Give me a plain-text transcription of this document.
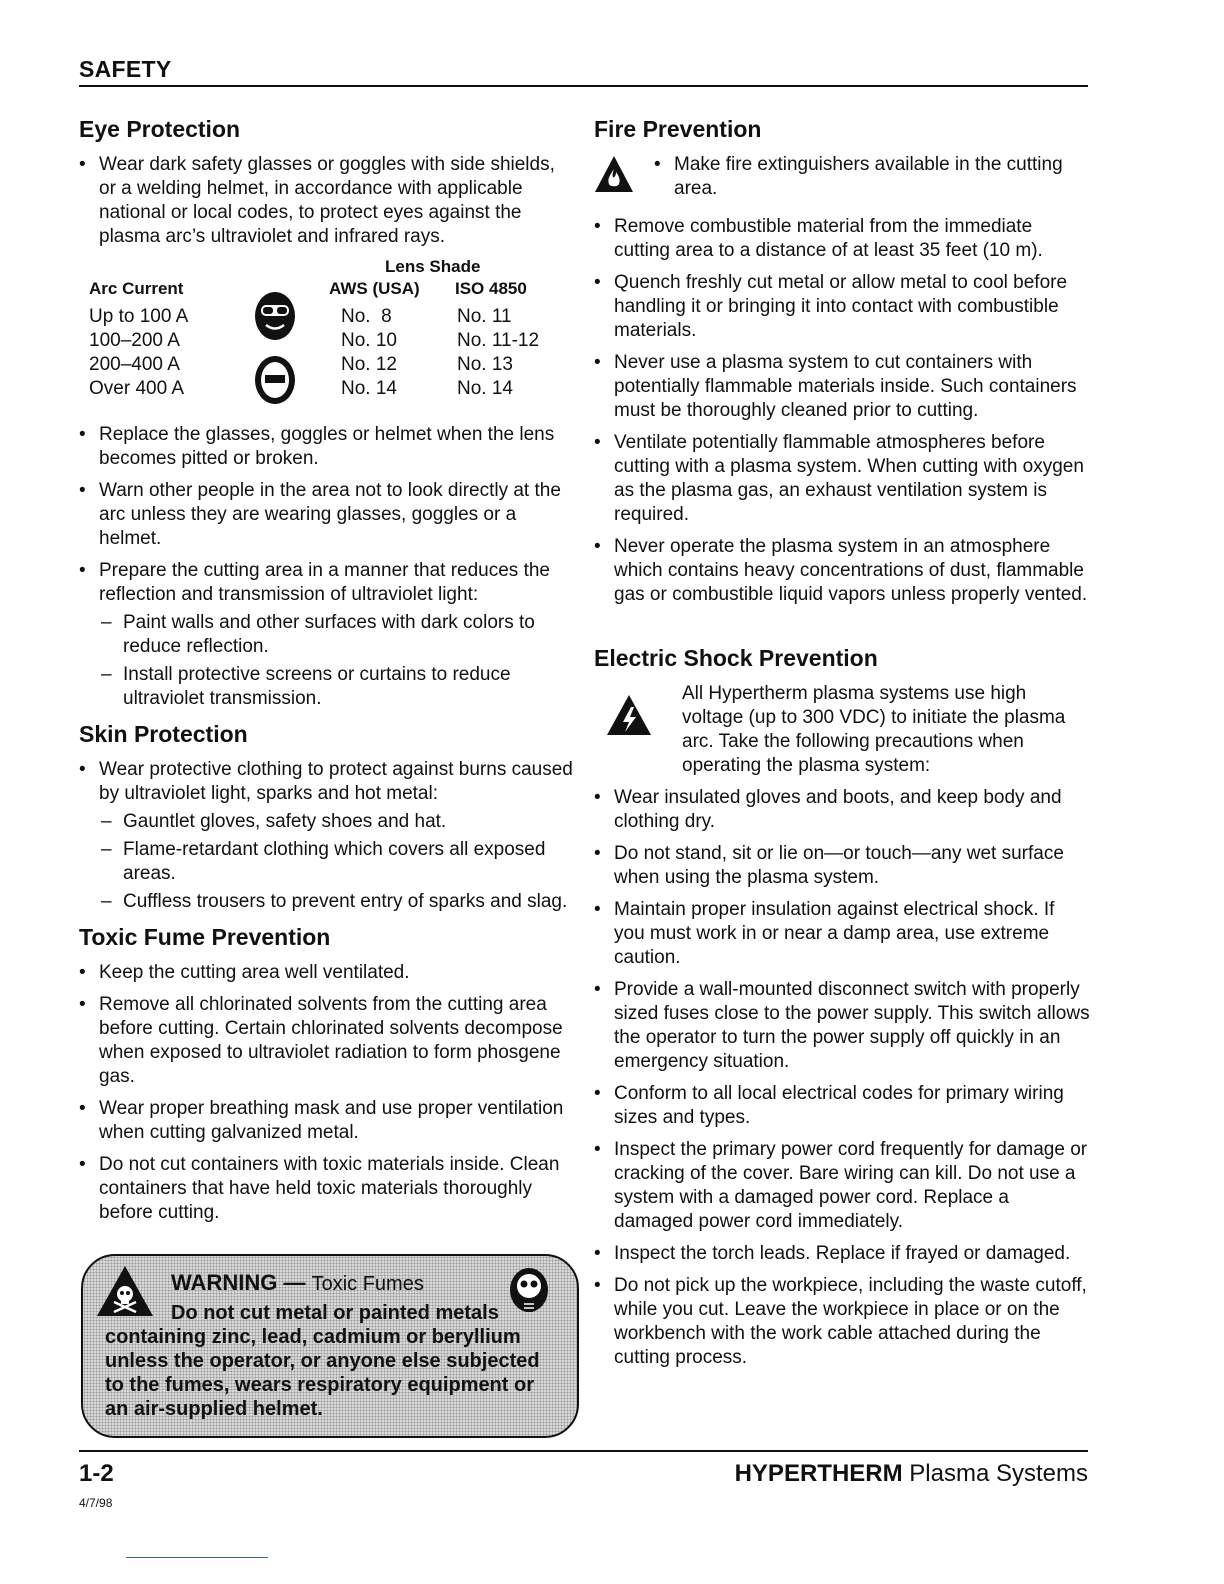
SAFETY
Eye Protection
• Wear dark safety glasses or goggles with side shields, or a welding helmet, in accordance with applicable national or local codes, to protect eyes against the plasma arc’s ultraviolet and infrared rays.
Lens Shade
Arc Current	AWS (USA) ISO 4850
Up to 100 A	No.  8	No. 11
100–200 A	No. 10	No. 11-12
200–400 A	No. 12	No. 13
Over 400 A	No. 14	No. 14
• Replace the glasses, goggles or helmet when the lens becomes pitted or broken.
• Warn other people in the area not to look directly at the arc unless they are wearing glasses, goggles or a helmet.
• Prepare the cutting area in a manner that reduces the reflection and transmission of ultraviolet light:
– Paint walls and other surfaces with dark colors to reduce reflection.
– Install protective screens or curtains to reduce ultraviolet transmission.
Skin Protection
• Wear protective clothing to protect against burns caused by ultraviolet light, sparks and hot metal:
– Gauntlet gloves, safety shoes and hat.
– Flame-retardant clothing which covers all exposed areas.
– Cuffless trousers to prevent entry of sparks and slag.
Toxic Fume Prevention
• Keep the cutting area well ventilated.
• Remove all chlorinated solvents from the cutting area before cutting. Certain chlorinated solvents decompose when exposed to ultraviolet radiation to form phosgene gas.
• Wear proper breathing mask and use proper ventilation when cutting galvanized metal.
• Do not cut containers with toxic materials inside. Clean containers that have held toxic materials thoroughly before cutting.
WARNING — Toxic Fumes
Do not cut metal or painted metals
containing zinc, lead, cadmium or beryllium unless the operator, or anyone else subjected to the fumes, wears respiratory equipment or an air-supplied helmet.
Fire Prevention
• Make fire extinguishers available in the cutting area.
• Remove combustible material from the immediate cutting area to a distance of at least 35 feet (10 m).
• Quench freshly cut metal or allow metal to cool before handling it or bringing it into contact with combustible materials.
• Never use a plasma system to cut containers with potentially flammable materials inside. Such containers must be thoroughly cleaned prior to cutting.
• Ventilate potentially flammable atmospheres before cutting with a plasma system. When cutting with oxygen as the plasma gas, an exhaust ventilation system is required.
• Never operate the plasma system in an atmosphere which contains heavy concentrations of dust, flammable gas or combustible liquid vapors unless properly vented.
Electric Shock Prevention
All Hypertherm plasma systems use high voltage (up to 300 VDC) to initiate the plasma arc. Take the following precautions when operating the plasma system:
• Wear insulated gloves and boots, and keep body and clothing dry.
• Do not stand, sit or lie on—or touch—any wet surface when using the plasma system.
• Maintain proper insulation against electrical shock. If you must work in or near a damp area, use extreme caution.
• Provide a wall-mounted disconnect switch with properly sized fuses close to the power supply. This switch allows the operator to turn the power supply off quickly in an emergency situation.
• Conform to all local electrical codes for primary wiring sizes and types.
• Inspect the primary power cord frequently for damage or cracking of the cover. Bare wiring can kill. Do not use a system with a damaged power cord. Replace a damaged power cord immediately.
• Inspect the torch leads. Replace if frayed or damaged.
• Do not pick up the workpiece, including the waste cutoff, while you cut. Leave the workpiece in place or on the workbench with the work cable attached during the cutting process.
1-2
4/7/98
HYPERTHERM Plasma Systems
